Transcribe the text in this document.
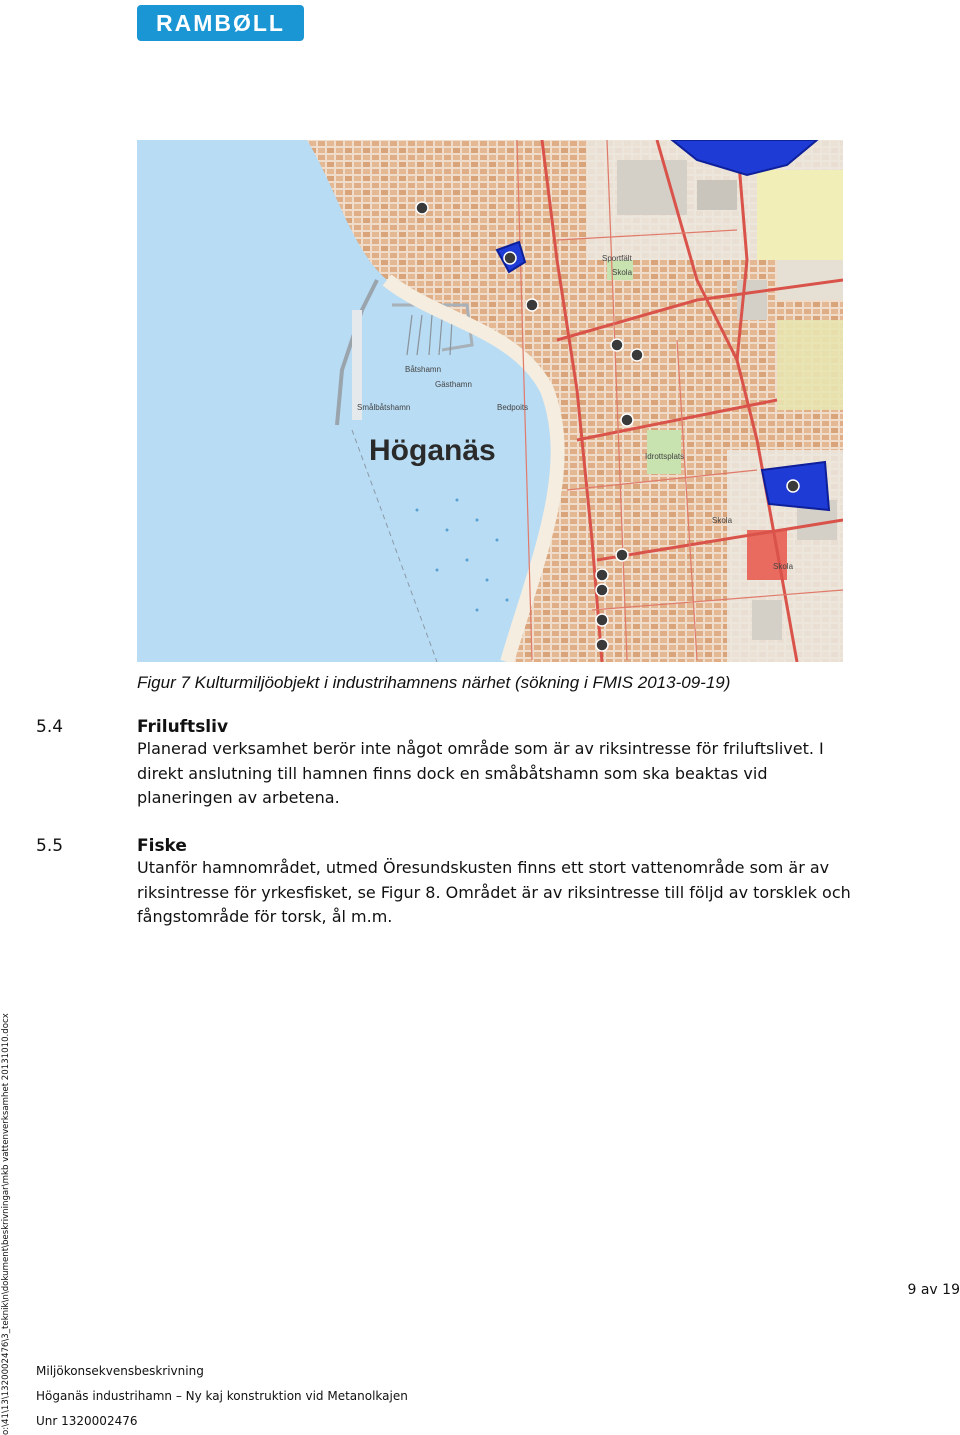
RAMBØLL
Höganäs
Smålbåtshamn	Bedpoits
Gästhamn
Båtshamn
Sportfält
Skola
Idrottsplats
Skola
Skola
Figur 7 Kulturmiljöobjekt i industrihamnens närhet (sökning i FMIS 2013-09-19)
5.4	Friluftsliv

Planerad verksamhet berör inte något område som är av riksintresse för friluftslivet. I direkt anslutning till hamnen finns dock en småbåtshamn som ska beaktas vid planeringen av arbetena.

5.5	Fiske

Utanför hamnområdet, utmed Öresundskusten finns ett stort vattenområde som är av riksintresse för yrkesfisket, se Figur 8. Området är av riksintresse till följd av torsklek och fångstområde för torsk, ål m.m.

9 av 19
Miljökonsekvensbeskrivning
Höganäs industrihamn – Ny kaj konstruktion vid Metanolkajen
Unr 1320002476
o:\41\13\1320002476\3_teknik\n\dokument\beskrivningar\mkb vattenverksamhet 20131010.docx
